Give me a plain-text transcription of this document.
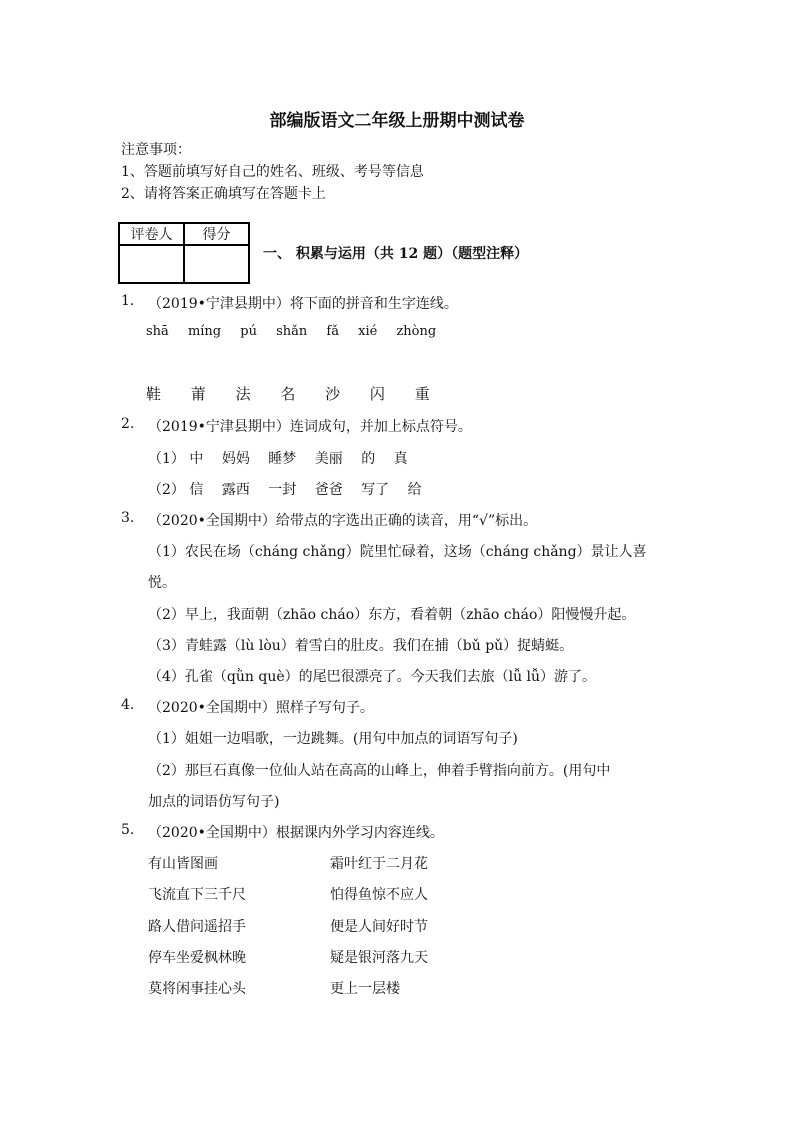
部编版语文二年级上册期中测试卷
注意事项：
1、答题前填写好自己的姓名、班级、考号等信息
2、请将答案正确填写在答题卡上
评卷人	得分

一、 积累与运用（共 12 题）（题型注释）
1. （2019•宁津县期中）将下面的拼音和生字连线。
shā míng pú shǎn fǎ xié zhòng
鞋 莆 法 名 沙 闪 重
2. （2019•宁津县期中）连词成句，并加上标点符号。
（1） 中 妈妈 睡梦 美丽 的 真
（2） 信 露西 一封 爸爸 写了 给
3. （2020•全国期中）给带点的字选出正确的读音，用“√”标出。
（1）农民在场（cháng chǎng）院里忙碌着，这场（cháng chǎng）景让人喜
悦。
（2）早上，我面朝（zhāo cháo）东方，看着朝（zhāo cháo）阳慢慢升起。
（3）青蛙露（lù lòu）着雪白的肚皮。我们在捕（bǔ pǔ）捉蜻蜓。
（4）孔雀（qǜn què）的尾巴很漂亮了。今天我们去旅（lǚ lǚ）游了。
4. （2020•全国期中）照样子写句子。
（1）姐姐一边唱歌，一边跳舞。(用句中加点的词语写句子)
（2）那巨石真像一位仙人站在高高的山峰上，伸着手臂指向前方。(用句中
加点的词语仿写句子)
5. （2020•全国期中）根据课内外学习内容连线。
有山皆图画	霜叶红于二月花
飞流直下三千尺	怕得鱼惊不应人
路人借问遥招手	便是人间好时节
停车坐爱枫林晚	疑是银河落九天
莫将闲事挂心头	更上一层楼
